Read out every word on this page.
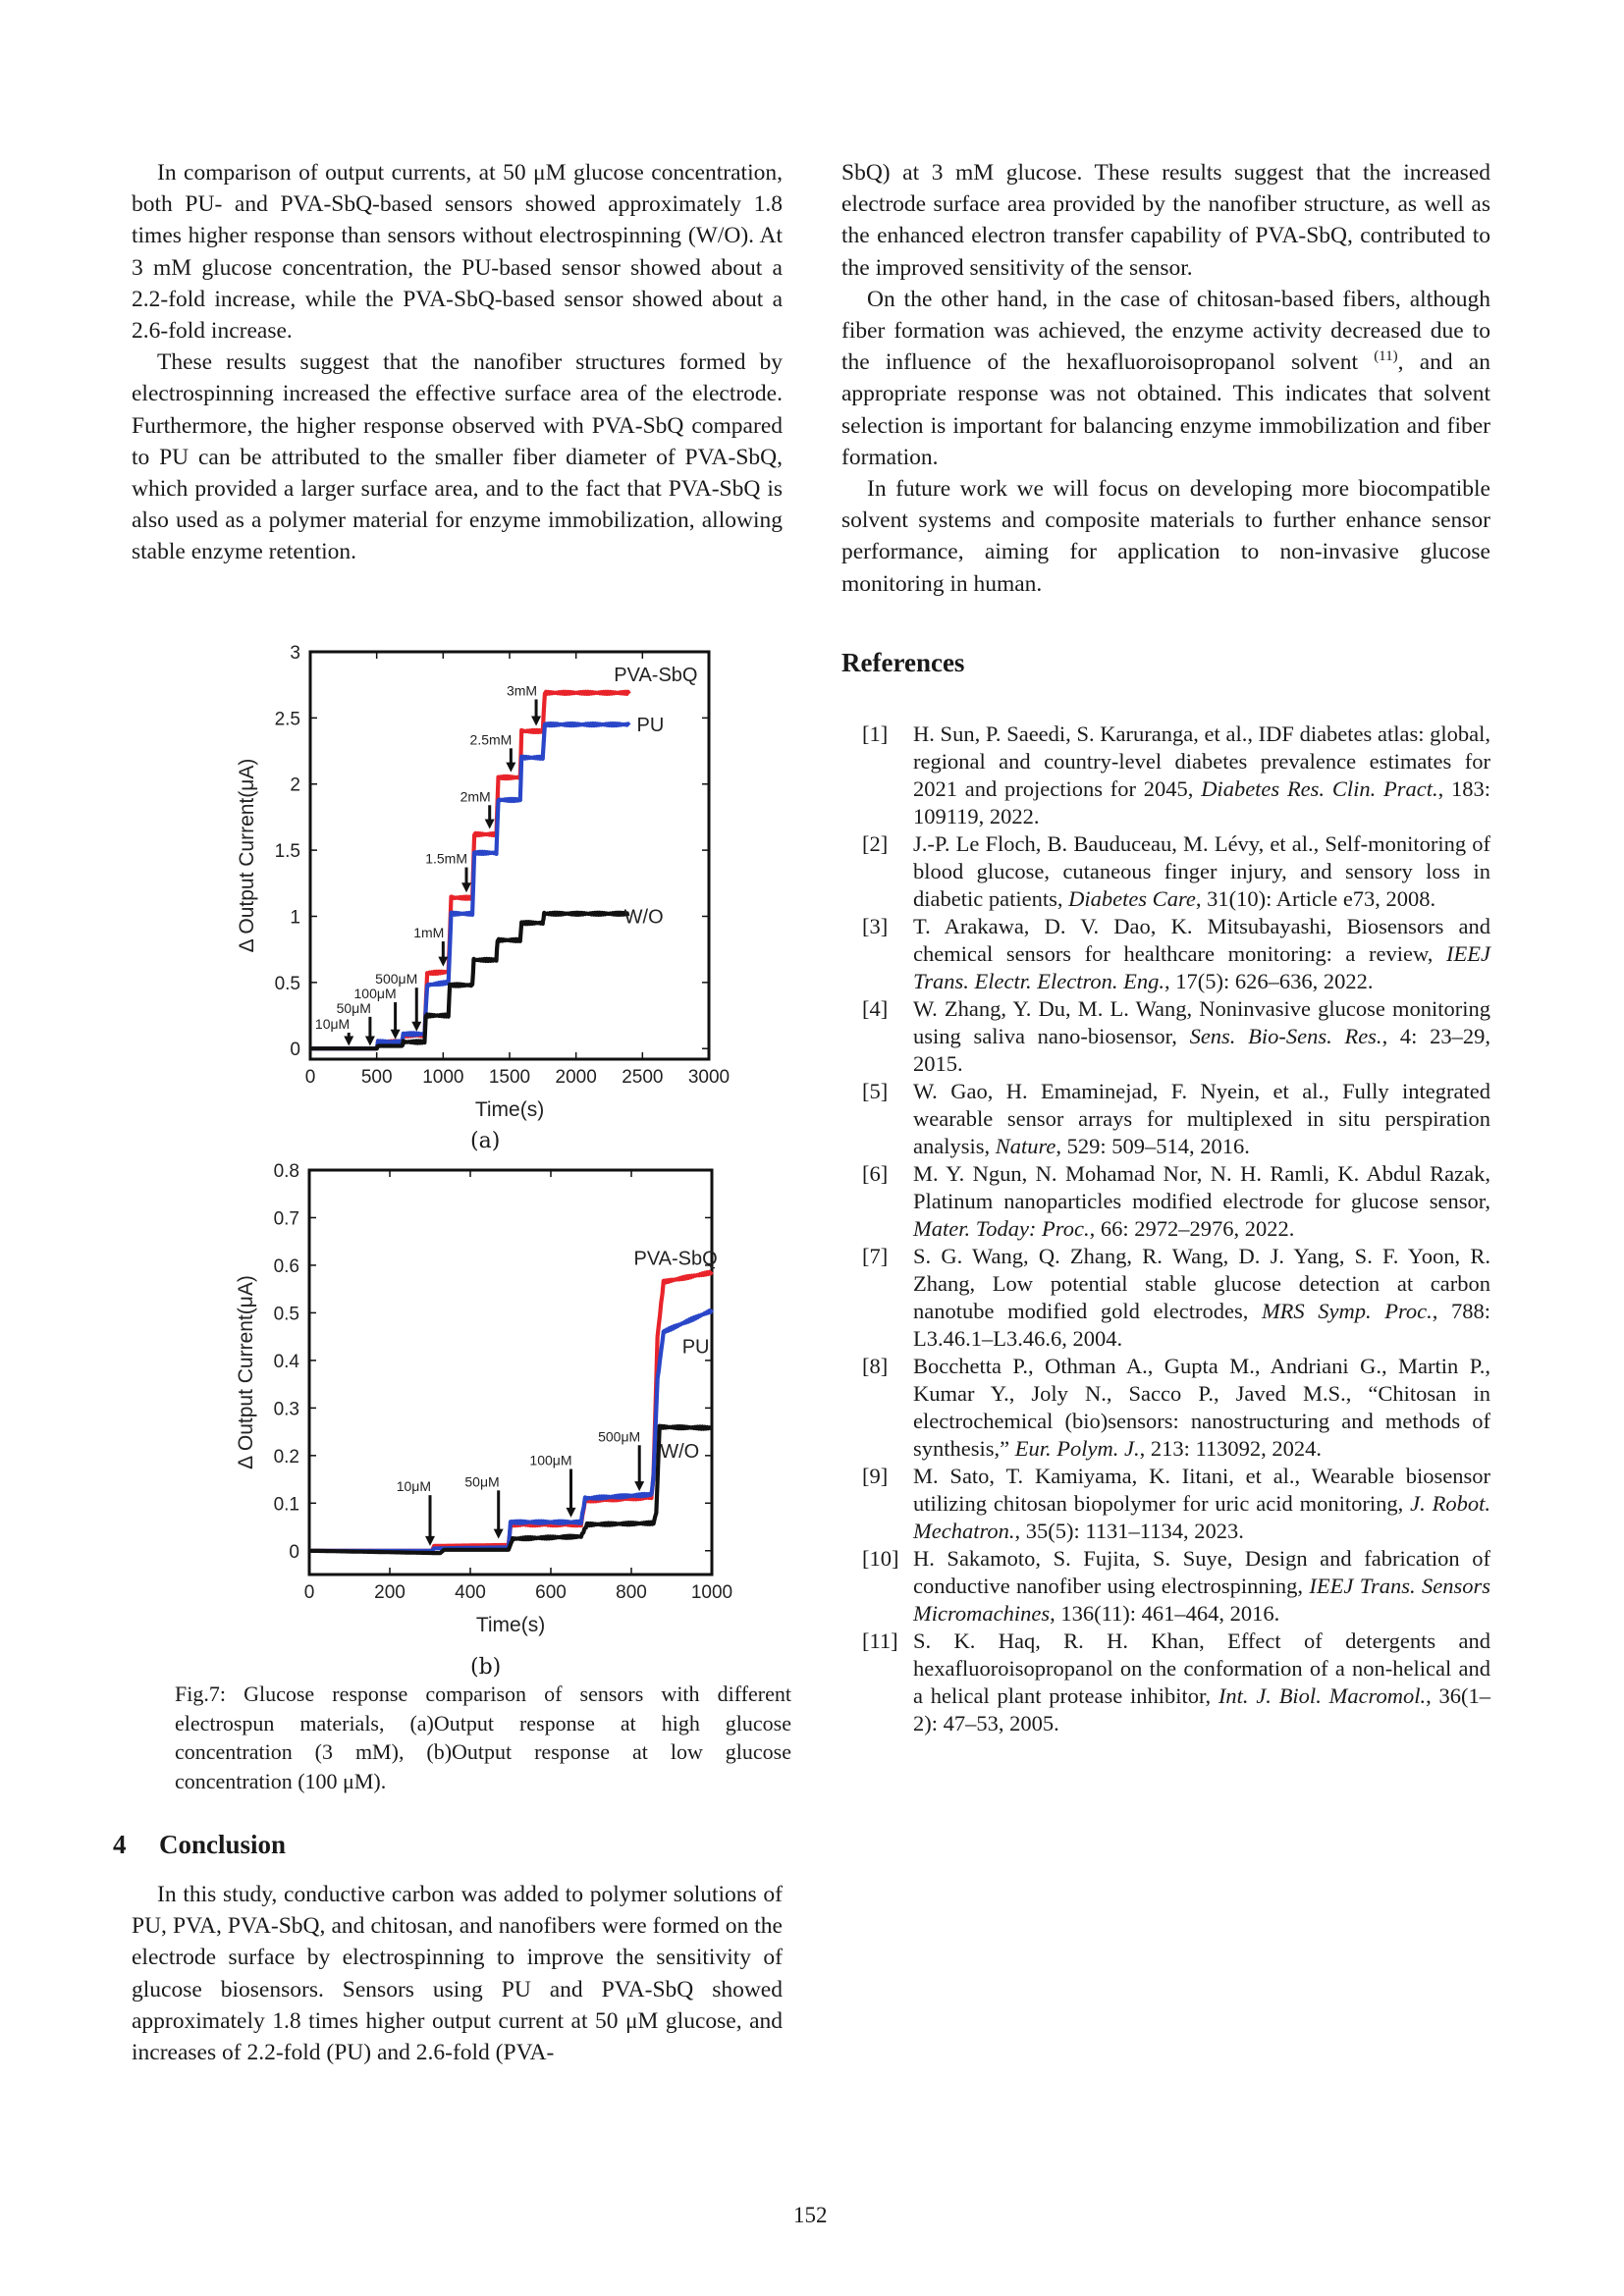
In comparison of output currents, at 50 μM glucose concentration, both PU- and PVA-SbQ-based sensors showed approximately 1.8 times higher response than sensors without electrospinning (W/O). At 3 mM glucose concentration, the PU-based sensor showed about a 2.2-fold increase, while the PVA-SbQ-based sensor showed about a 2.6-fold increase.

These results suggest that the nanofiber structures formed by electrospinning increased the effective surface area of the electrode. Furthermore, the higher response observed with PVA-SbQ compared to PU can be attributed to the smaller fiber diameter of PVA-SbQ, which provided a larger surface area, and to the fact that PVA-SbQ is also used as a polymer material for enzyme immobilization, allowing stable enzyme retention.

SbQ) at 3 mM glucose. These results suggest that the increased electrode surface area provided by the nanofiber structure, as well as the enhanced electron transfer capability of PVA-SbQ, contributed to the improved sensitivity of the sensor.

On the other hand, in the case of chitosan-based fibers, although fiber formation was achieved, the enzyme activity decreased due to the influence of the hexafluoroisopropanol solvent $^{(11)}$, and an appropriate response was not obtained. This indicates that solvent selection is important for balancing enzyme immobilization and fiber formation.

In future work we will focus on developing more biocompatible solvent systems and composite materials to further enhance sensor performance, aiming for application to non-invasive glucose monitoring in human.

References
[1]	H. Sun, P. Saeedi, S. Karuranga, et al., IDF diabetes atlas: global, regional and country-level diabetes prevalence estimates for 2021 and projections for 2045, Diabetes Res. Clin. Pract., 183: 109119, 2022.
[2]	J.-P. Le Floch, B. Bauduceau, M. Lévy, et al., Self-monitoring of blood glucose, cutaneous finger injury, and sensory loss in diabetic patients, Diabetes Care, 31(10): Article e73, 2008.
[3]	T. Arakawa, D. V. Dao, K. Mitsubayashi, Biosensors and chemical sensors for healthcare monitoring: a review, IEEJ Trans. Electr. Electron. Eng., 17(5): 626–636, 2022.
[4]	W. Zhang, Y. Du, M. L. Wang, Noninvasive glucose monitoring using saliva nano-biosensor, Sens. Bio-Sens. Res., 4: 23–29, 2015.
[5]	W. Gao, H. Emaminejad, F. Nyein, et al., Fully integrated wearable sensor arrays for multiplexed in situ perspiration analysis, Nature, 529: 509–514, 2016.
[6]	M. Y. Ngun, N. Mohamad Nor, N. H. Ramli, K. Abdul Razak, Platinum nanoparticles modified electrode for glucose sensor, Mater. Today: Proc., 66: 2972–2976, 2022.
[7]	S. G. Wang, Q. Zhang, R. Wang, D. J. Yang, S. F. Yoon, R. Zhang, Low potential stable glucose detection at carbon nanotube modified gold electrodes, MRS Symp. Proc., 788: L3.46.1–L3.46.6, 2004.
[8]	Bocchetta P., Othman A., Gupta M., Andriani G., Martin P., Kumar Y., Joly N., Sacco P., Javed M.S., “Chitosan in electrochemical (bio)sensors: nanostructuring and methods of synthesis,” Eur. Polym. J., 213: 113092, 2024.
[9]	M. Sato, T. Kamiyama, K. Iitani, et al., Wearable biosensor utilizing chitosan biopolymer for uric acid monitoring, J. Robot. Mechatron., 35(5): 1131–1134, 2023.
[10] H. Sakamoto, S. Fujita, S. Suye, Design and fabrication of conductive nanofiber using electrospinning, IEEJ Trans. Sensors Micromachines, 136(11): 461–464, 2016.
[11] S. K. Haq, R. H. Khan, Effect of detergents and hexafluoroisopropanol on the conformation of a non-helical and a helical plant protease inhibitor, Int. J. Biol. Macromol., 36(1–2): 47–53, 2005.
0 500 1000 1500 2000 2500 3000
0
0.5
1
1.5
2
2.5
3
Time(s)
Δ Output Current(μA)
10μM
50μM
100μM
500μM
1mM
1.5mM
2mM
2.5mM
3mM
PVA-SbQ
PU
W/O
(a)
0	200	400	600	800 1000
0
0.1
0.2
0.3
0.4
0.5
0.6
0.7
0.8
Time(s)
Δ Output Current(μA)
10μM 50μM
100μM
500μM
PVA-SbQ
PU
W/O
(b)
Fig.7: Glucose response comparison of sensors with different electrospun materials, (a)Output response at high glucose concentration (3 mM), (b)Output response at low glucose concentration (100 μM).
4 Conclusion

In this study, conductive carbon was added to polymer solutions of PU, PVA, PVA-SbQ, and chitosan, and nanofibers were formed on the electrode surface by electrospinning to improve the sensitivity of glucose biosensors. Sensors using PU and PVA-SbQ showed approximately 1.8 times higher output current at 50 μM glucose, and increases of 2.2-fold (PU) and 2.6-fold (PVA-

152
